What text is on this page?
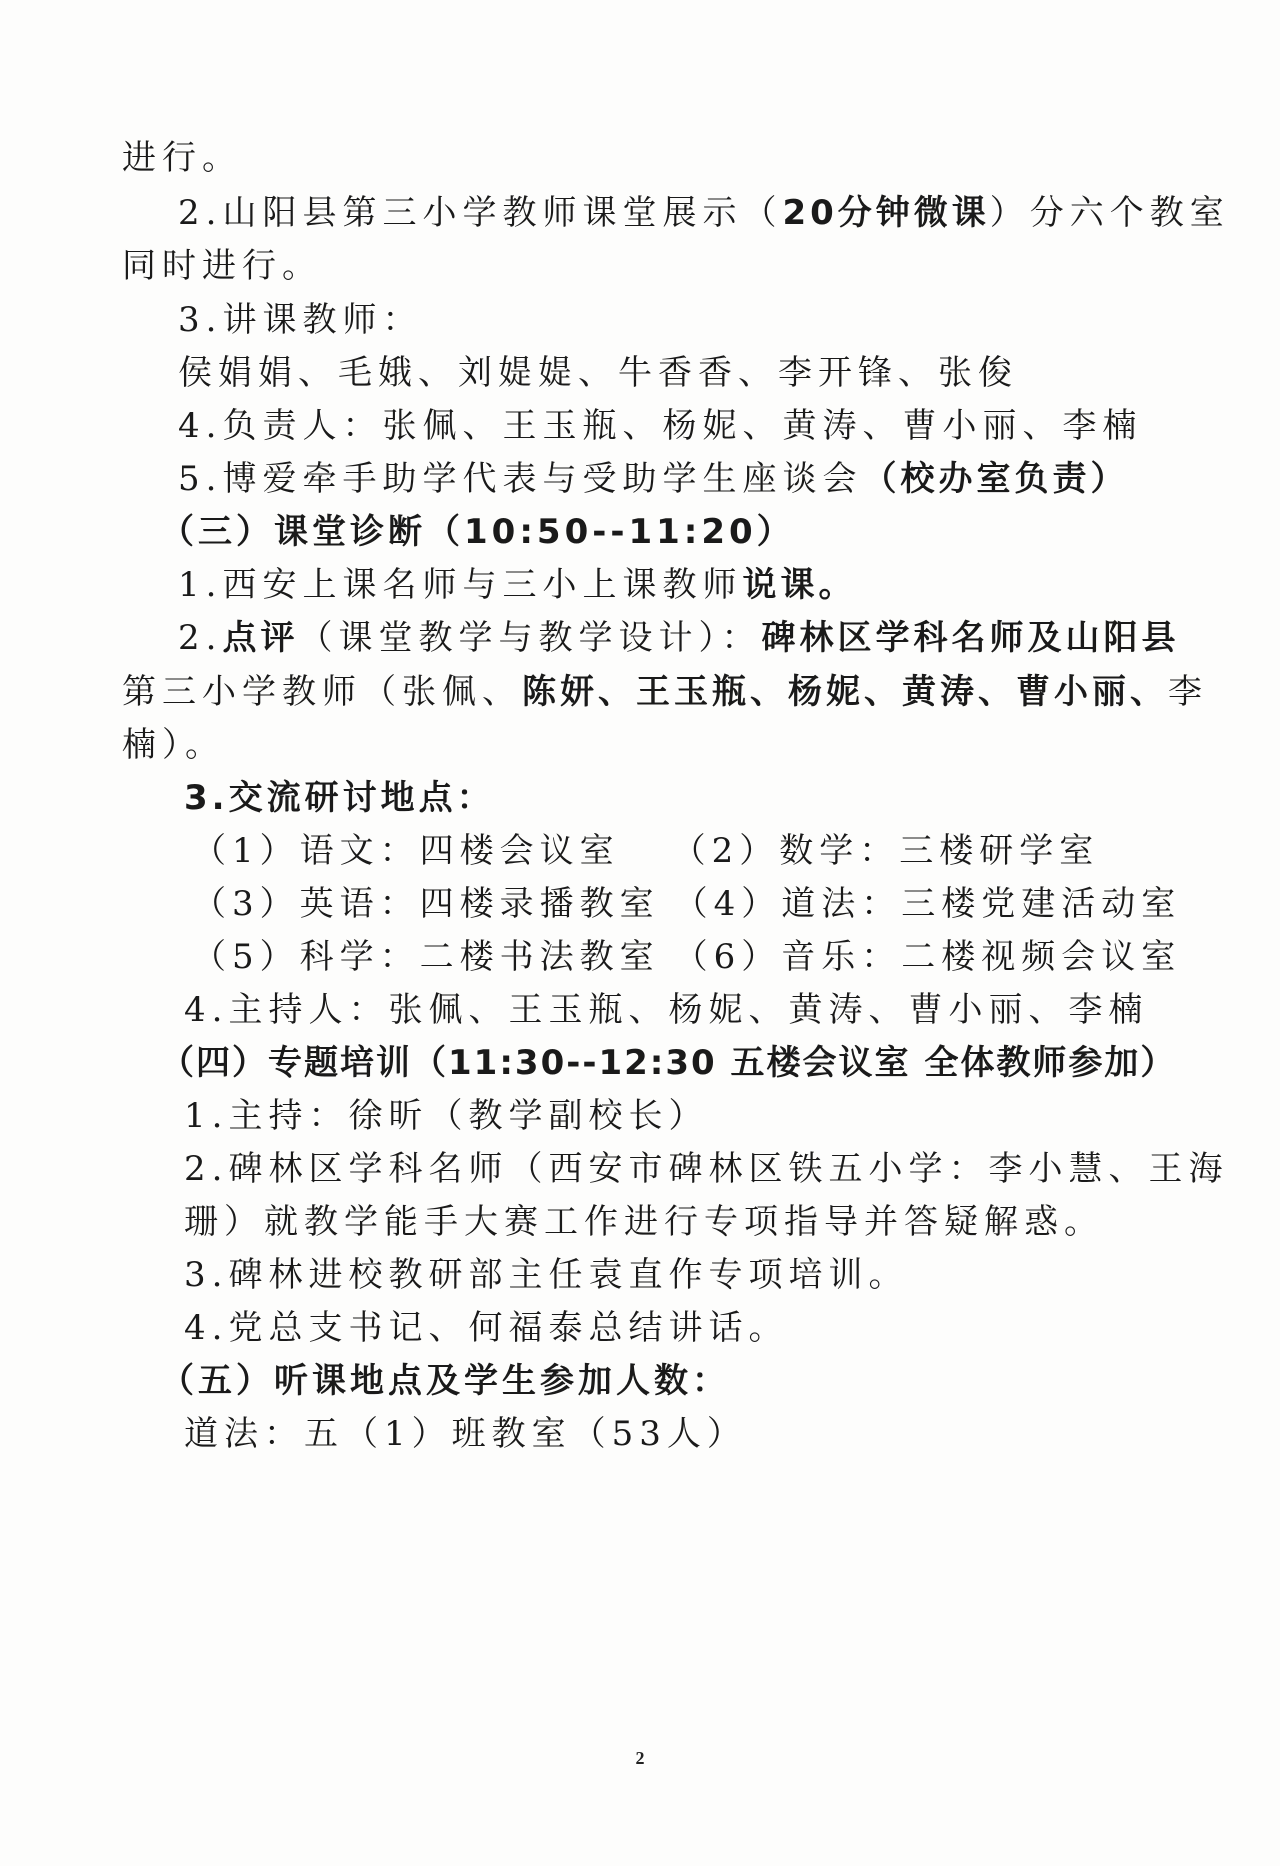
进行。
2.山阳县第三小学教师课堂展示（20分钟微课）分六个教室
同时进行。
3.讲课教师：
侯娟娟、毛娥、刘媞媞、牛香香、李开锋、张俊
4.负责人：张佩、王玉瓶、杨妮、黄涛、曹小丽、李楠
5.博爱牵手助学代表与受助学生座谈会（校办室负责）
（三）课堂诊断（10:50--11:20）
1.西安上课名师与三小上课教师说课。
2.点评（课堂教学与教学设计）：碑林区学科名师及山阳县
第三小学教师（张佩、陈妍、王玉瓶、杨妮、黄涛、曹小丽、李
楠）。
3.交流研讨地点：
（1）语文：四楼会议室 （2）数学：三楼研学室
（3）英语：四楼录播教室 （4）道法：三楼党建活动室
（5）科学：二楼书法教室 （6）音乐：二楼视频会议室
4.主持人：张佩、王玉瓶、杨妮、黄涛、曹小丽、李楠
（四）专题培训（11:30--12:30 五楼会议室 全体教师参加）
1.主持：徐昕（教学副校长）
2.碑林区学科名师（西安市碑林区铁五小学：李小慧、王海
珊）就教学能手大赛工作进行专项指导并答疑解惑。
3.碑林进校教研部主任袁直作专项培训。
4.党总支书记、何福泰总结讲话。
（五）听课地点及学生参加人数：
道法：五（1）班教室（53人）
2
